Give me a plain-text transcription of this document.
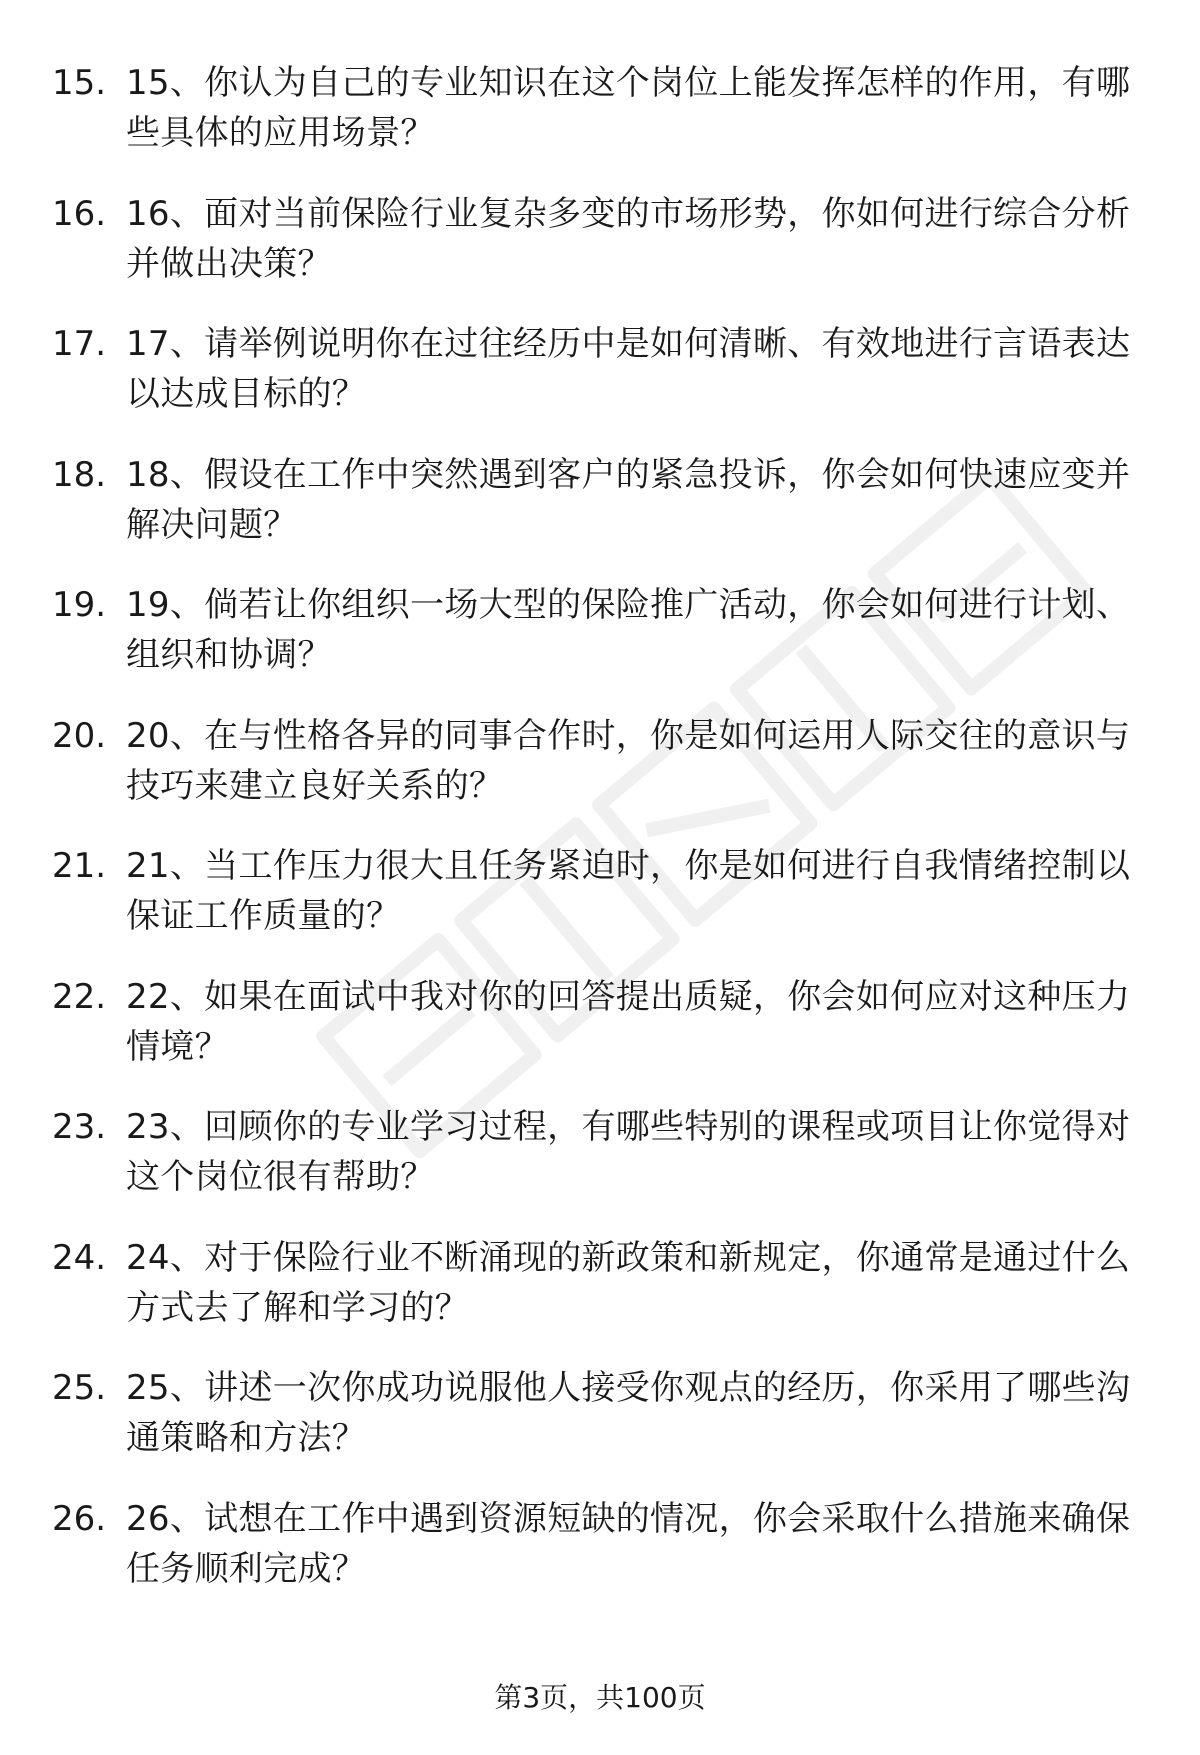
15. 15、你认为自己的专业知识在这个岗位上能发挥怎样的作用，有哪些具体的应用场景？
16. 16、面对当前保险行业复杂多变的市场形势，你如何进行综合分析并做出决策？
17. 17、请举例说明你在过往经历中是如何清晰、有效地进行言语表达以达成目标的？
18. 18、假设在工作中突然遇到客户的紧急投诉，你会如何快速应变并解决问题？
19. 19、倘若让你组织一场大型的保险推广活动，你会如何进行计划、组织和协调？
20. 20、在与性格各异的同事合作时，你是如何运用人际交往的意识与技巧来建立良好关系的？
21. 21、当工作压力很大且任务紧迫时，你是如何进行自我情绪控制以保证工作质量的？
22. 22、如果在面试中我对你的回答提出质疑，你会如何应对这种压力情境？
23. 23、回顾你的专业学习过程，有哪些特别的课程或项目让你觉得对这个岗位很有帮助？
24. 24、对于保险行业不断涌现的新政策和新规定，你通常是通过什么方式去了解和学习的？
25. 25、讲述一次你成功说服他人接受你观点的经历，你采用了哪些沟通策略和方法？
26. 26、试想在工作中遇到资源短缺的情况，你会采取什么措施来确保任务顺利完成？
第3页，共100页
